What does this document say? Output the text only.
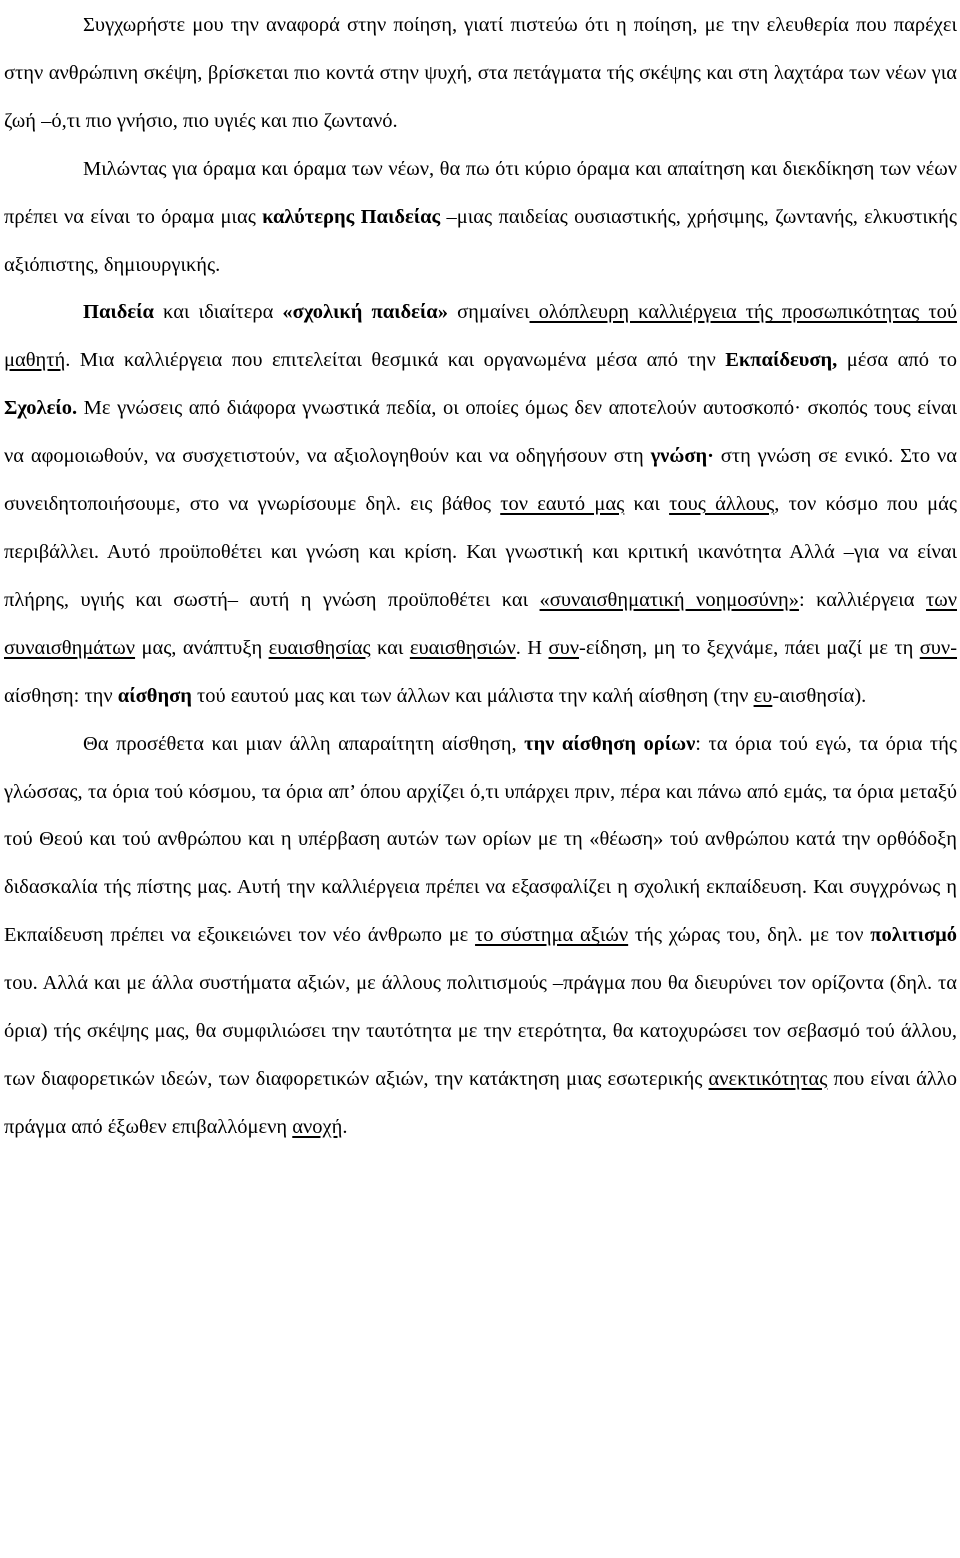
Συγχωρήστε μου την αναφορά στην ποίηση, γιατί πιστεύω ότι η ποίηση, με την ελευθερία που παρέχει στην ανθρώπινη σκέψη, βρίσκεται πιο κοντά στην ψυχή, στα πετάγματα τής σκέψης και στη λαχτάρα των νέων για ζωή –ό,τι πιο γνήσιο, πιο υγιές και πιο ζωντανό.

Μιλώντας για όραμα και όραμα των νέων, θα πω ότι κύριο όραμα και απαίτηση και διεκδίκηση των νέων πρέπει να είναι το όραμα μιας καλύτερης Παιδείας –μιας παιδείας ουσιαστικής, χρήσιμης, ζωντανής, ελκυστικής αξιόπιστης, δημιουργικής.

Παιδεία και ιδιαίτερα «σχολική παιδεία» σημαίνει ολόπλευρη καλλιέργεια τής προσωπικότητας τού μαθητή. Μια καλλιέργεια που επιτελείται θεσμικά και οργανωμένα μέσα από την Εκπαίδευση, μέσα από το Σχολείο. Με γνώσεις από διάφορα γνωστικά πεδία, οι οποίες όμως δεν αποτελούν αυτοσκοπό· σκοπός τους είναι να αφομοιωθούν, να συσχετιστούν, να αξιολογηθούν και να οδηγήσουν στη γνώση· στη γνώση σε ενικό. Στο να συνειδητοποιήσουμε, στο να γνωρίσουμε δηλ. εις βάθος τον εαυτό μας και τους άλλους, τον κόσμο που μάς περιβάλλει. Αυτό προϋποθέτει και γνώση και κρίση. Και γνωστική και κριτική ικανότητα Αλλά –για να είναι πλήρης, υγιής και σωστή– αυτή η γνώση προϋποθέτει και «συναισθηματική νοημοσύνη»: καλλιέργεια των συναισθημάτων μας, ανάπτυξη ευαισθησίας και ευαισθησιών. Η συν-είδηση, μη το ξεχνάμε, πάει μαζί με τη συν-αίσθηση: την αίσθηση τού εαυτού μας και των άλλων και μάλιστα την καλή αίσθηση (την ευ-αισθησία).

Θα προσέθετα και μιαν άλλη απαραίτητη αίσθηση, την αίσθηση ορίων: τα όρια τού εγώ, τα όρια τής γλώσσας, τα όρια τού κόσμου, τα όρια απ’ όπου αρχίζει ό,τι υπάρχει πριν, πέρα και πάνω από εμάς, τα όρια μεταξύ τού Θεού και τού ανθρώπου και η υπέρβαση αυτών των ορίων με τη «θέωση» τού ανθρώπου κατά την ορθόδοξη διδασκαλία τής πίστης μας. Αυτή την καλλιέργεια πρέπει να εξασφαλίζει η σχολική εκπαίδευση. Και συγχρόνως η Εκπαίδευση πρέπει να εξοικειώνει τον νέο άνθρωπο με το σύστημα αξιών τής χώρας του, δηλ. με τον πολιτισμό του. Αλλά και με άλλα συστήματα αξιών, με άλλους πολιτισμούς –πράγμα που θα διευρύνει τον ορίζοντα (δηλ. τα όρια) τής σκέψης μας, θα συμφιλιώσει την ταυτότητα με την ετερότητα, θα κατοχυρώσει τον σεβασμό τού άλλου, των διαφορετικών ιδεών, των διαφορετικών αξιών, την κατάκτηση μιας εσωτερικής ανεκτικότητας που είναι άλλο πράγμα από έξωθεν επιβαλλόμενη ανοχή.
